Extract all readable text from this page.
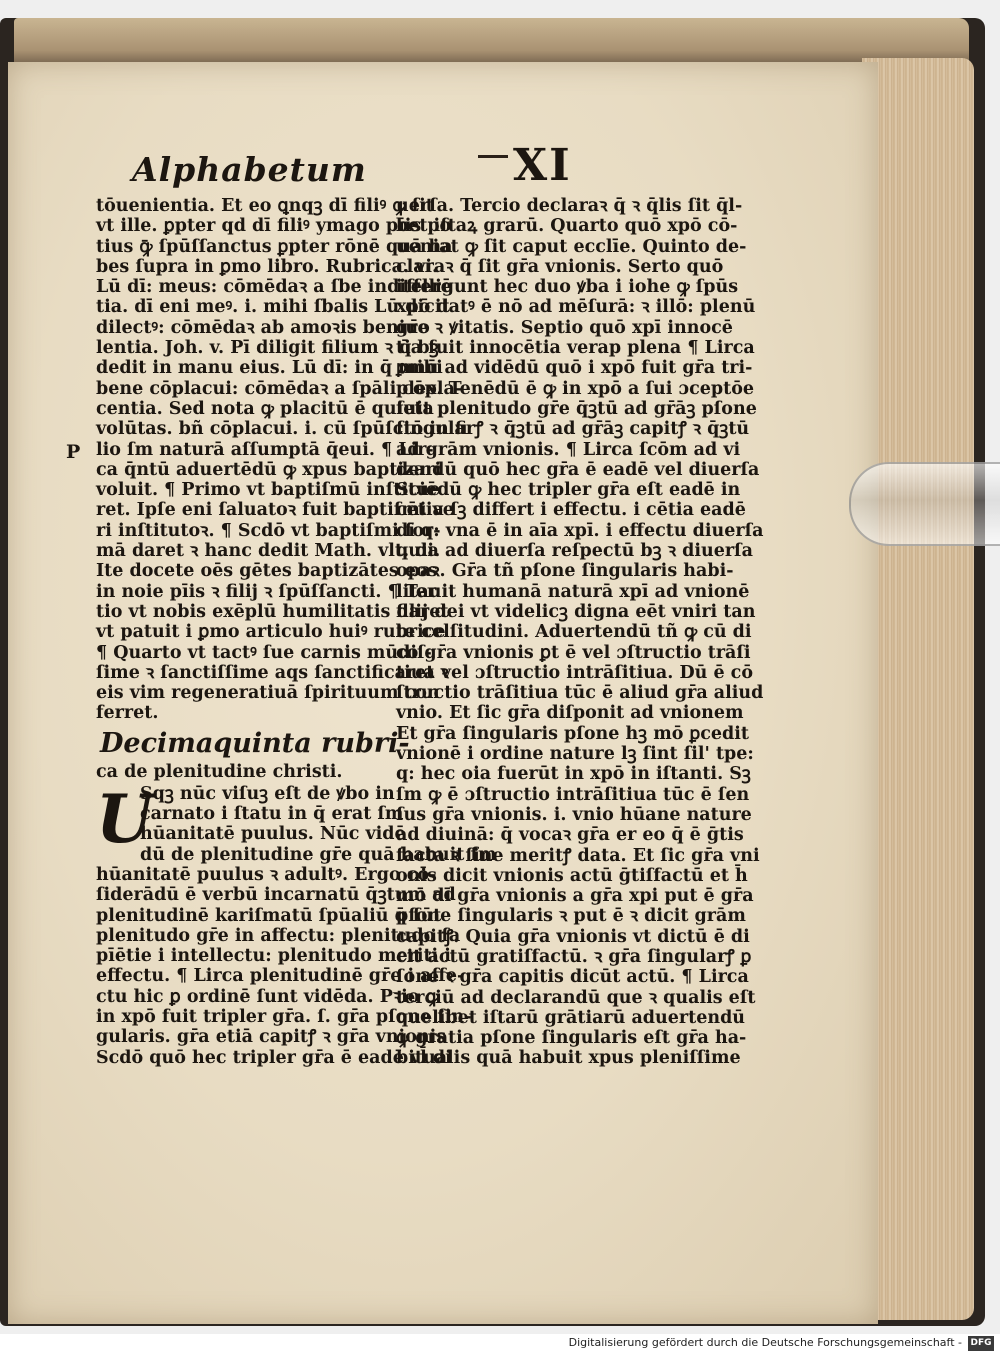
Alphabetum	XI
P
tōuenientia. Et eo ꝗnqꝫ dī filiꝰ ꝙ ſit
vt ille. ꝑpter qd dī filiꝰ ymago pīis po
tius ꝙ̄ ſpūſſanctus ꝑpter rōnē quā ha
bes ſupra in ꝑmo libro. Rubrica. vi.
Lū dī: meus: cōmēdaꝛ a ſbe indifferē
tia. dī eni meꝰ. i. mihi ſbalis Lū dicit
dilectꝰ: cōmēdaꝛ ab amoꝛis beniuo
lentia. Joh. v. Pī diligit filium ꝛ q̄ bꝫ
dedit in manu eius. Lū dī: in q̄ mihi
bene cōplacui: cōmēdaꝛ a ſpāli cōpla-
centia. Sed nota ꝙ placitū ē quieta
volūtas. bñ cōplacui. i. cū ſpūſctō in fi
lio ſm naturā aſſumptā q̄eui. ¶ Lir-
ca q̄ntū aduertēdū ꝙ xpus baptizari
voluit. ¶ Primo vt baptiſmū inſtitue
ret. Ipſe eni ſaluatoꝛ fuit baptiſmi ve
ri inſtitutoꝛ. ¶ Scdō vt baptiſmi for-
mā daret ꝛ hanc dedit Math. vlt. di.
Ite docete oēs gētes baptizātes eos
in noie pīis ꝛ filij ꝛ ſpūſſancti. ¶ Ter
tio vt nobis exēplū humilitatis daret
vt patuit i ꝑmo articulo huiꝰ rubrice
¶ Quarto vt tactꝰ ſue carnis mūdiſ-
ſime ꝛ ſanctiſſime aqs ſanctificaret ꝛ
eis vim regeneratiuā ſpirituum con
ferret.
Decimaquinta rubri-
ca de plenitudine christi.
U
Sqꝫ nūc viſuꝫ eſt de ꝟbo in
carnato i ſtatu in q̄ erat ſm
hūanitatē puulus. Nūc vidē
dū de plenitudine gr̄e quā habuit ſm
hūanitatē puulus ꝛ adultꝰ. Ergo cō-
ſiderādū ē verbū incarnatū q̄ꝫtum ad
plenitudinē kariſmatū ſpūaliū q̄ ſūt
plenitudo gr̄e in affectu: plenitudo ſa
pīētie i intellectu: plenitudo meriti i
effectu. ¶ Lirca plenitudinē gr̄e i affe-
ctu hic ꝑ ordinē ſunt vidēda. Pꝛio ꝙ
in xpō fuit tripler gr̄a. ſ. gr̄a pſone ſin-
gularis. gr̄a etiā capitꝭ ꝛ gr̄a vnionis
Scdō quō hec tripler gr̄a ē eadē vl̄ di
uerſa. Tercio declaraꝛ q̄ ꝛ q̄lis ſit q̄l-
bet iſtaꝝ grarū. Quarto quō xpō cō-
ueniat ꝙ ſit caput ecclīe. Quinto de-
claraꝛ q̄ ſit gr̄a vnionis. Serto quō
itelligunt hec duo ꝟba i iohe ꝙ ſpūs
xpō datꝰ ē nō ad mēſurā: ꝛ illō: plenū
gr̄e ꝛ ꝟitatis. Septio quō xpī innocē
tia fuit innocētia verap plena ¶ Lirca
ꝑmū ad vidēdū quō i xpō fuit gr̄a tri-
plex. Tenēdū ē ꝙ in xpō a ſui ɔceptōe
fuit plenitudo gr̄e q̄ꝫtū ad gr̄āꝫ pſone
ſingularꝭ ꝛ q̄ꝫtū ad gr̄āꝫ capitꝭ ꝛ q̄ꝫtū
ad grām vnionis. ¶ Lirca ſcōm ad vi
dendū quō hec gr̄a ē eadē vel diuerſa
Sciēdū ꝙ hec tripler gr̄a eſt eadē in
cētia ſꝫ differt i effectu. i cētia eadē
dī q: vna ē in aīa xpī. i effectu diuerſa
quia ad diuerſa reſpectū bꝫ ꝛ diuerſa
opaꝛ. Gr̄a tñ pſone ſingularis habi-
litauit humanā naturā xpī ad vnionē
filij dei vt videlicꝫ digna eēt vniri tan
te celſitudini. Aduertendū tñ ꝙ cū di
co gr̄a vnionis ꝑt ē vel ɔſtructio trāſi
tiua vel ɔſtructio intrāſitiua. Dū ē cō
ſtructio trāſitiua tūc ē aliud gr̄a aliud
vnio. Et ſic gr̄a diſponit ad vnionem
Et gr̄a ſingularis pſone hꝫ mō ꝑcedit
vnionē i ordine nature lꝫ ſint ſil' tpe:
q: hec oia fuerūt in xpō in iſtanti. Sꝫ
ſm ꝙ ē ɔſtructio intrāſitiua tūc ē ſen
ſus gr̄a vnionis. i. vnio hūane nature
ad diuinā: q̄ vocaꝛ gr̄a er eo q̄ ē ḡtis
facta ꝛ ſine meritꝭ data. Et ſic gr̄a vni
onis dicit vnionis actū ḡtiſfactū et h̄
mō dī gr̄a vnionis a gr̄a xpi put ē gr̄a
pſone ſingularis ꝛ put ē ꝛ dicit grām
capitꝭ. Quia gr̄a vnionis vt dictū ē di
cit actū gratiſfactū. ꝛ gr̄a ſingularꝭ ꝑ
ſone ꝛ gr̄a capitis dicūt actū. ¶ Lirca
terciū ad declarandū que ꝛ qualis eſt
quelibet iſtarū grātiarū aduertendū
ꝙ gratia pſone ſingularis eſt gr̄a ha-
bitualis quā habuit xpus pleniſſime
Digitalisierung gefördert durch die Deutsche Forschungsgemeinschaft - DFG
